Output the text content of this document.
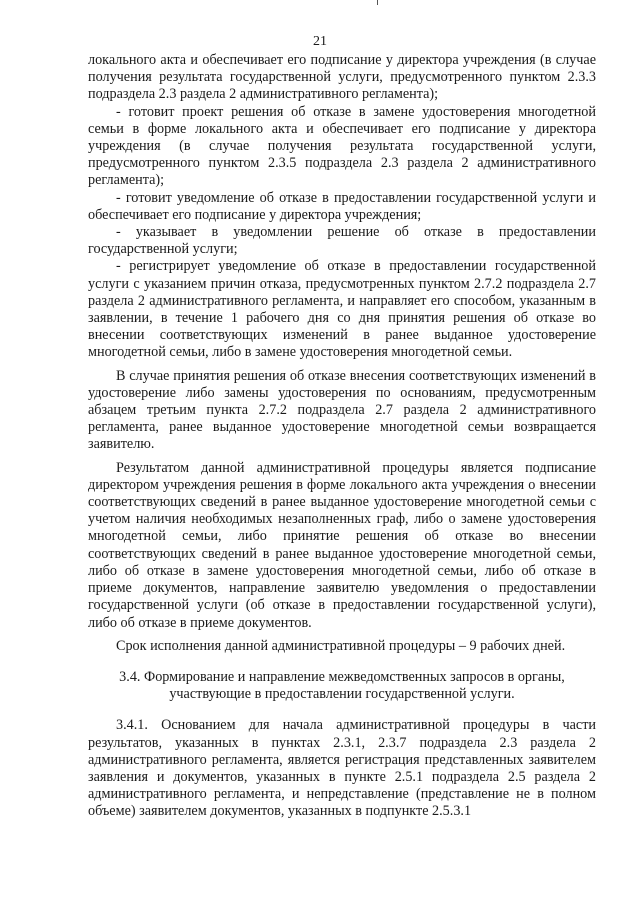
21

локального акта и обеспечивает его подписание у директора учреждения (в случае получения результата государственной услуги, предусмотренного пунктом 2.3.3 подраздела 2.3 раздела 2 административного регламента);

- готовит проект решения об отказе в замене удостоверения многодетной семьи в форме локального акта и обеспечивает его подписание у директора учреждения (в случае получения результата государственной услуги, предусмотренного пунктом 2.3.5 подраздела 2.3 раздела 2 административного регламента);

- готовит уведомление об отказе в предоставлении государственной услуги и обеспечивает его подписание у директора учреждения;

- указывает в уведомлении решение об отказе в предоставлении государственной услуги;

- регистрирует уведомление об отказе в предоставлении государственной услуги с указанием причин отказа, предусмотренных пунктом 2.7.2 подраздела 2.7 раздела 2 административного регламента, и направляет его способом, указанным в заявлении, в течение 1 рабочего дня со дня принятия решения об отказе во внесении соответствующих изменений в ранее выданное удостоверение многодетной семьи, либо в замене удостоверения многодетной семьи.

В случае принятия решения об отказе внесения соответствующих изменений в удостоверение либо замены удостоверения по основаниям, предусмотренным абзацем третьим пункта 2.7.2 подраздела 2.7 раздела 2 административного регламента, ранее выданное удостоверение многодетной семьи возвращается заявителю.

Результатом данной административной процедуры является подписание директором учреждения решения в форме локального акта учреждения о внесении соответствующих сведений в ранее выданное удостоверение многодетной семьи с учетом наличия необходимых незаполненных граф, либо о замене удостоверения многодетной семьи, либо принятие решения об отказе во внесении соответствующих сведений в ранее выданное удостоверение многодетной семьи, либо об отказе в замене удостоверения многодетной семьи, либо об отказе в приеме документов, направление заявителю уведомления о предоставлении государственной услуги (об отказе в предоставлении государственной услуги), либо об отказе в приеме документов.

Срок исполнения данной административной процедуры – 9 рабочих дней.

3.4. Формирование и направление межведомственных запросов в органы, участвующие в предоставлении государственной услуги.

3.4.1. Основанием для начала административной процедуры в части результатов, указанных в пунктах 2.3.1, 2.3.7 подраздела 2.3 раздела 2 административного регламента, является регистрация представленных заявителем заявления и документов, указанных в пункте 2.5.1 подраздела 2.5 раздела 2 административного регламента, и непредставление (представление не в полном объеме) заявителем документов, указанных в подпункте 2.5.3.1
